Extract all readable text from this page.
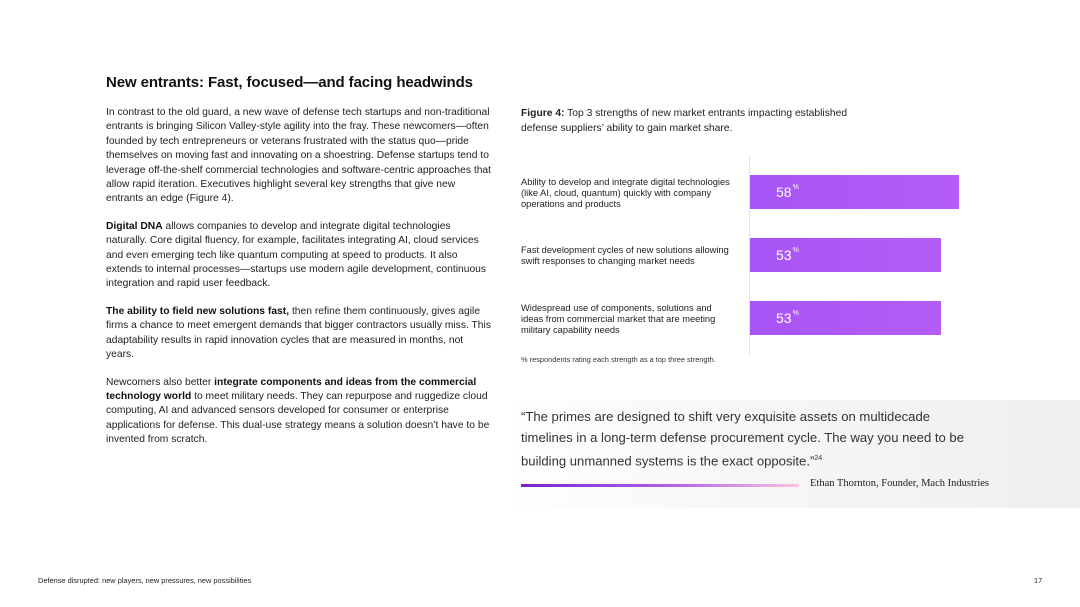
New entrants: Fast, focused—and facing headwinds

In contrast to the old guard, a new wave of defense tech startups and non-traditional entrants is bringing Silicon Valley-style agility into the fray. These newcomers—often founded by tech entrepreneurs or veterans frustrated with the status quo—pride themselves on moving fast and innovating on a shoestring. Defense startups tend to leverage off-the-shelf commercial technologies and software-centric approaches that allow rapid iteration. Executives highlight several key strengths that give new entrants an edge (Figure 4).

Digital DNA allows companies to develop and integrate digital technologies naturally. Core digital fluency, for example, facilitates integrating AI, cloud services and even emerging tech like quantum computing at speed to products. It also extends to internal processes—startups use modern agile development, continuous integration and rapid user feedback.

The ability to field new solutions fast, then refine them continuously, gives agile firms a chance to meet emergent demands that bigger contractors usually miss. This adaptability results in rapid innovation cycles that are measured in months, not years.

Newcomers also better integrate components and ideas from the commercial technology world to meet military needs. They can repurpose and ruggedize cloud computing, AI and advanced sensors developed for consumer or enterprise applications for defense. This dual-use strategy means a solution doesn’t have to be invented from scratch.

Figure 4: Top 3 strengths of new market entrants impacting established defense suppliers’ ability to gain market share.
Ability to develop and integrate digital technologies (like AI, cloud, quantum) quickly with company operations and products
58%
Fast development cycles of new solutions allowing swift responses to changing market needs	53%
Widespread use of components, solutions and ideas from commercial market that are meeting military capability needs
53%
% respondents rating each strength as a top three strength.
“The primes are designed to shift very exquisite assets on multidecade timelines in a long-term defense procurement cycle. The way you need to be building unmanned systems is the exact opposite.”$^{24}$
Ethan Thornton, Founder, Mach Industries
Defense disrupted: new players, new pressures, new possibilities	17
